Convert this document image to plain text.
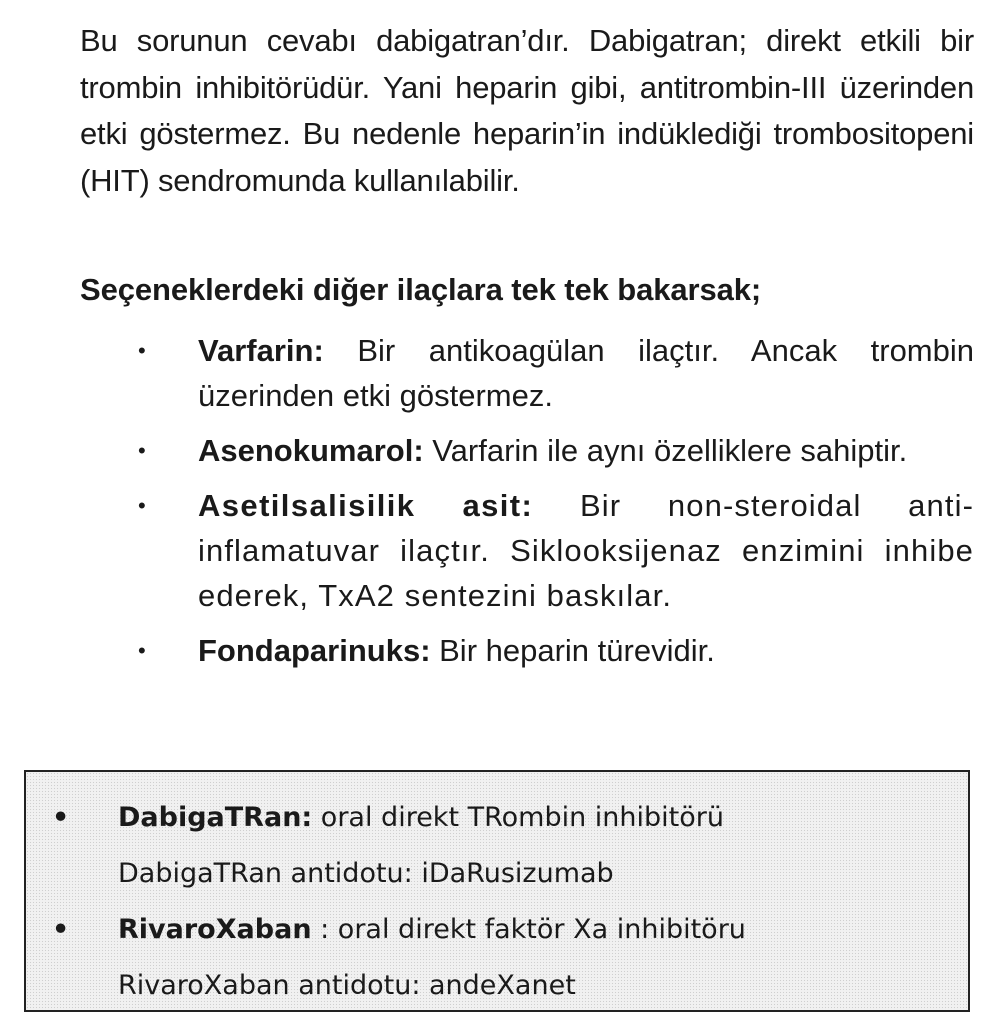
Bu sorunun cevabı dabigatran’dır. Dabigatran; direkt etkili bir trombin inhibitörüdür. Yani heparin gibi, antitrombin-III üzerinden etki göstermez. Bu nedenle heparin’in indüklediği trombositopeni (HIT) sendromunda kullanılabilir.

Seçeneklerdeki diğer ilaçlara tek tek bakarsak;
• Varfarin: Bir antikoagülan ilaçtır. Ancak trombin üzerinden etki göstermez.
• Asenokumarol: Varfarin ile aynı özelliklere sahiptir.
• Asetilsalisilik asit: Bir non-steroidal anti-inflamatuvar ilaçtır. Siklooksijenaz enzimini inhibe ederek, TxA2 sentezini baskılar.
• Fondaparinuks: Bir heparin türevidir.
• DabigaTRan: oral direkt TRombin inhibitörü
DabigaTRan antidotu: iDaRusizumab
• RivaroXaban : oral direkt faktör Xa inhibitöru
RivaroXaban antidotu: andeXanet
